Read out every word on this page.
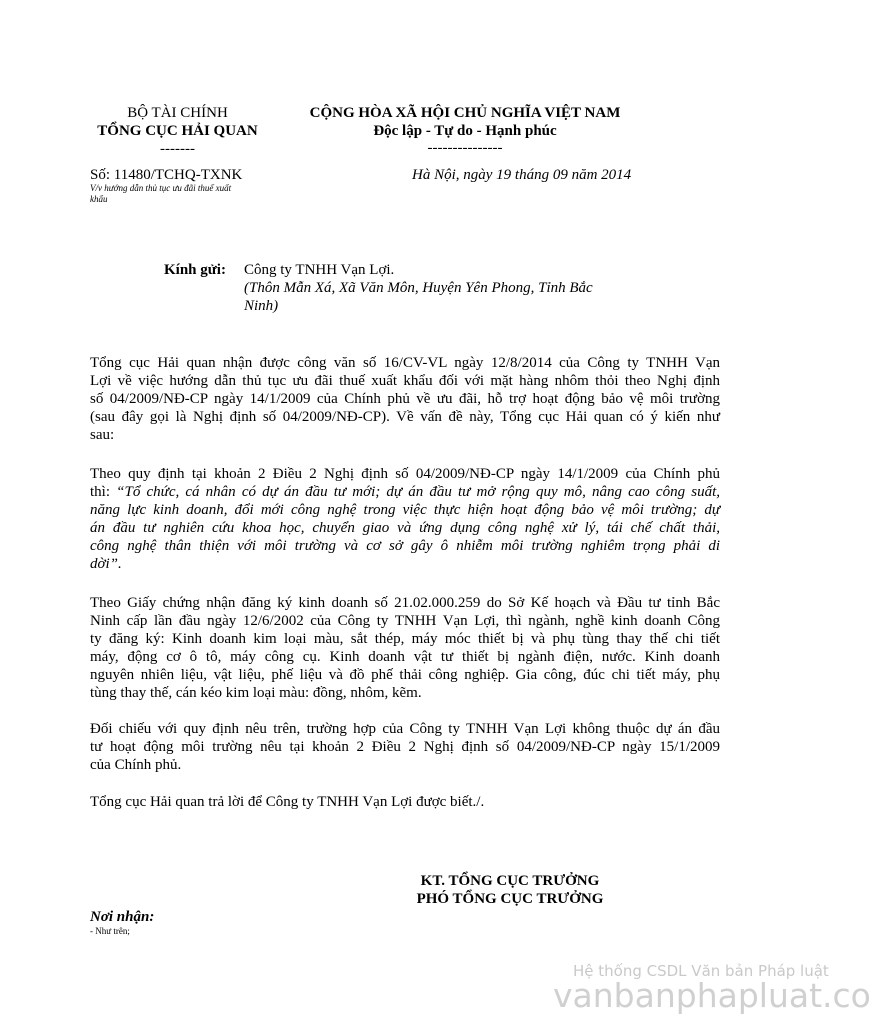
BỘ TÀI CHÍNH
TỔNG CỤC HẢI QUAN
-------
CỘNG HÒA XÃ HỘI CHỦ NGHĨA VIỆT NAM
Độc lập - Tự do - Hạnh phúc
---------------
Số: 11480/TCHQ-TXNK
V/v hướng dẫn thủ tục ưu đãi thuế xuất
khẩu
Hà Nội, ngày 19 tháng 09 năm 2014
Kính gửi: Công ty TNHH Vạn Lợi.
(Thôn Mẫn Xá, Xã Văn Môn, Huyện Yên Phong, Tỉnh Bắc
Ninh)
Tổng cục Hải quan nhận được công văn số 16/CV-VL ngày 12/8/2014 của Công ty TNHH Vạn
Lợi về việc hướng dẫn thủ tục ưu đãi thuế xuất khẩu đối với mặt hàng nhôm thỏi theo Nghị định
số 04/2009/NĐ-CP ngày 14/1/2009 của Chính phủ về ưu đãi, hỗ trợ hoạt động bảo vệ môi trường
(sau đây gọi là Nghị định số 04/2009/NĐ-CP). Về vấn đề này, Tổng cục Hải quan có ý kiến như
sau:
Theo quy định tại khoản 2 Điều 2 Nghị định số 04/2009/NĐ-CP ngày 14/1/2009 của Chính phủ
thì: “Tổ chức, cá nhân có dự án đầu tư mới; dự án đầu tư mở rộng quy mô, nâng cao công suất,
năng lực kinh doanh, đổi mới công nghệ trong việc thực hiện hoạt động bảo vệ môi trường; dự
án đầu tư nghiên cứu khoa học, chuyển giao và ứng dụng công nghệ xử lý, tái chế chất thải,
công nghệ thân thiện với môi trường và cơ sở gây ô nhiễm môi trường nghiêm trọng phải di
dời”.
Theo Giấy chứng nhận đăng ký kinh doanh số 21.02.000.259 do Sở Kế hoạch và Đầu tư tỉnh Bắc
Ninh cấp lần đầu ngày 12/6/2002 của Công ty TNHH Vạn Lợi, thì ngành, nghề kinh doanh Công
ty đăng ký: Kinh doanh kim loại màu, sắt thép, máy móc thiết bị và phụ tùng thay thế chi tiết
máy, động cơ ô tô, máy công cụ. Kinh doanh vật tư thiết bị ngành điện, nước. Kinh doanh
nguyên nhiên liệu, vật liệu, phế liệu và đồ phế thải công nghiệp. Gia công, đúc chi tiết máy, phụ
tùng thay thế, cán kéo kim loại màu: đồng, nhôm, kẽm.
Đối chiếu với quy định nêu trên, trường hợp của Công ty TNHH Vạn Lợi không thuộc dự án đầu
tư hoạt động môi trường nêu tại khoản 2 Điều 2 Nghị định số 04/2009/NĐ-CP ngày 15/1/2009
của Chính phủ.
Tổng cục Hải quan trả lời để Công ty TNHH Vạn Lợi được biết./.
KT. TỔNG CỤC TRƯỞNG
PHÓ TỔNG CỤC TRƯỞNG
Nơi nhận:
- Như trên;
Hệ thống CSDL Văn bản Pháp luật
vanbanphapluat.co
